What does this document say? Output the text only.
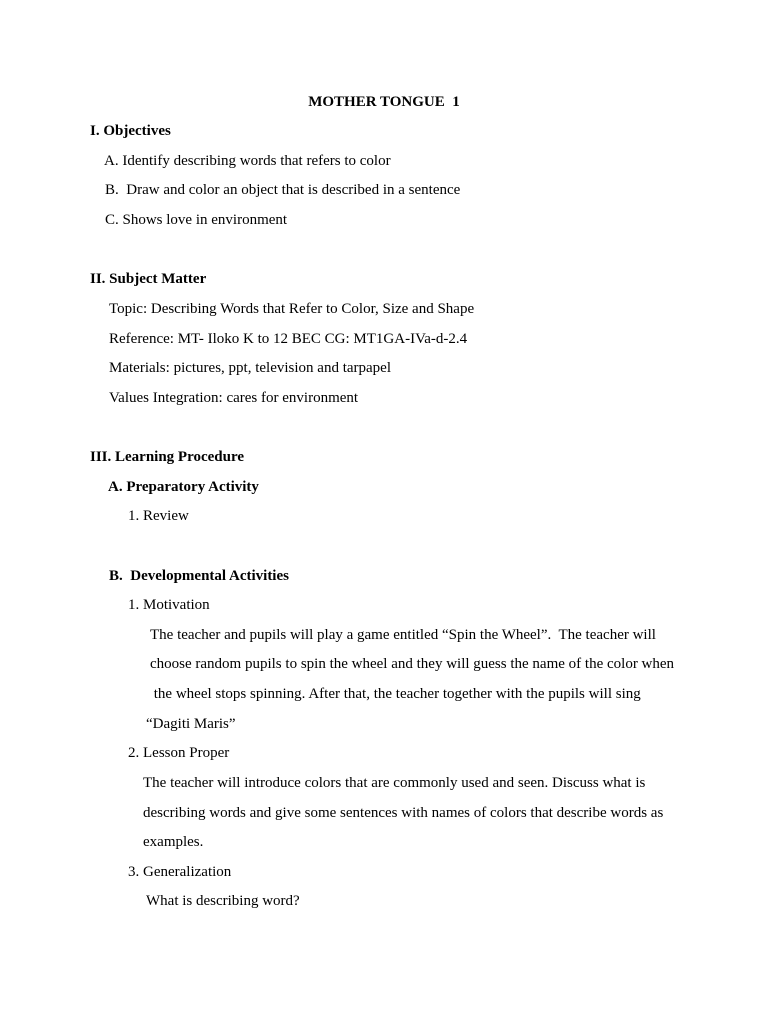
MOTHER TONGUE  1
I. Objectives
A. Identify describing words that refers to color
B.  Draw and color an object that is described in a sentence
C. Shows love in environment
II. Subject Matter
Topic: Describing Words that Refer to Color, Size and Shape
Reference: MT- Iloko K to 12 BEC CG: MT1GA-IVa-d-2.4
Materials: pictures, ppt, television and tarpapel
Values Integration: cares for environment
III. Learning Procedure
A. Preparatory Activity
1. Review
B.  Developmental Activities
1. Motivation
The teacher and pupils will play a game entitled “Spin the Wheel”.  The teacher will
choose random pupils to spin the wheel and they will guess the name of the color when
the wheel stops spinning. After that, the teacher together with the pupils will sing
“Dagiti Maris”
2. Lesson Proper
The teacher will introduce colors that are commonly used and seen. Discuss what is
describing words and give some sentences with names of colors that describe words as
examples.
3. Generalization
What is describing word?
